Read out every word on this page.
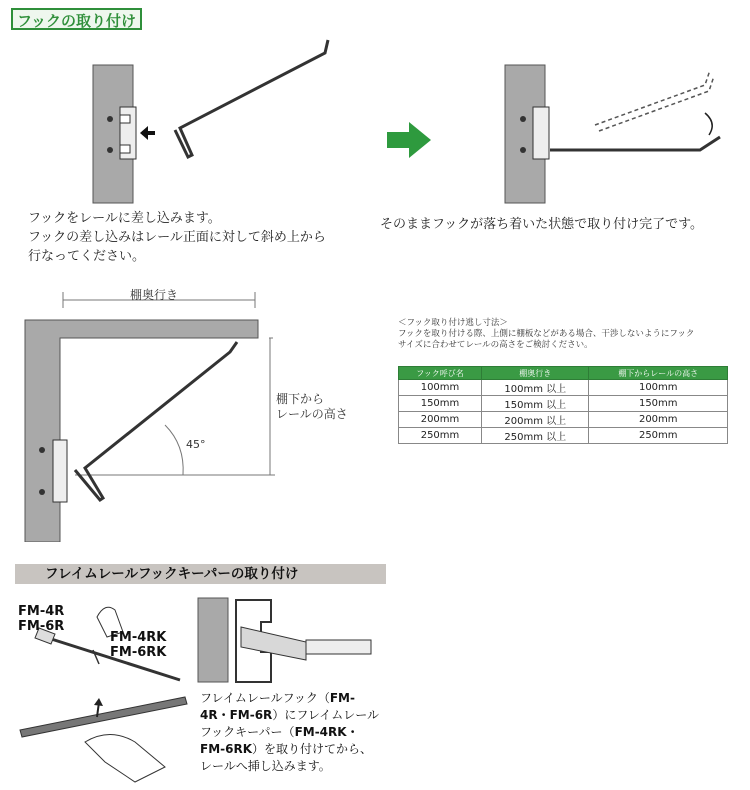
フックの取り付け
フックをレールに差し込みます。
フックの差し込みはレール正面に対して斜め上から
行なってください。
そのままフックが落ち着いた状態で取り付け完了です。
棚奥行き
棚下から
レールの高さ
45°
＜フック取り付け逃し寸法＞
フックを取り付ける際、上側に棚板などがある場合、干渉しないようにフック
サイズに合わせてレールの高さをご検討ください。
フック呼び名	棚奥行き	棚下からレールの高さ
100mm	100mm 以上	100mm
150mm	150mm 以上	150mm
200mm	200mm 以上	200mm
250mm	250mm 以上	250mm
フレイムレールフックキーパーの取り付け
FM-4R
FM-6R
FM-4RK
FM-6RK
フレイムレールフック（FM-4R・FM-6R）にフレイムレールフックキーパー（FM-4RK・FM-6RK）を取り付けてから、レールへ挿し込みます。
